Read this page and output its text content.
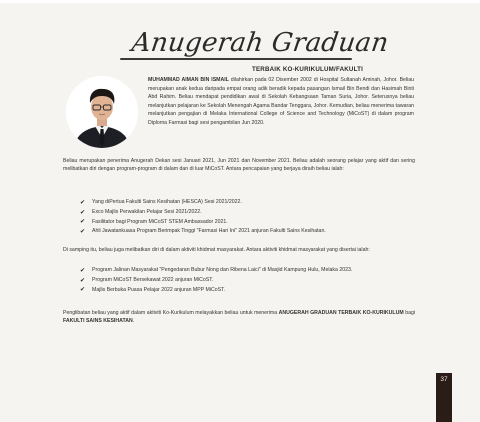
Anugerah Graduan
TERBAIK KO-KURIKULUM/FAKULTI
MUHAMMAD AIMAN BIN ISMAIL dilahirkan pada 02 Disember 2002 di Hospital Sultanah Aminah, Johor. Beliau merupakan anak kedua daripada empat orang adik beradik kepada pasangan Ismail Bin Bendi dan Hasimah Binti Abd Rahim. Beliau mendapat pendidikan awal di Sekolah Kebangsaan Taman Suria, Johor. Seterusnya beliau melanjutkan pelajaran ke Sekolah Menengah Agama Bandar Tenggara, Johor. Kemudian, beliau menerima tawaran melanjutkan pengajian di Melaka International College of Science and Technology (MiCoST) di dalam program Diploma Farmasi bagi sesi pengambilan Jun 2020.
Beliau merupakan penerima Anugerah Dekan sesi Januari 2021, Jun 2021 dan November 2021. Beliau adalah seorang pelajar yang aktif dan sering melibatkan diri dengan program-program di dalam dan di luar MiCoST. Antara pencapaian yang berjaya diraih beliau ialah:
✔ Yang diPertua Fakulti Sains Kesihatan (HESCA) Sesi 2021/2022.
✔ Exco Majlis Perwakilan Pelajar Sesi 2021/2022.
✔ Fasilitator bagi Program MiCoST STEM Ambassador 2021.
✔ Ahli Jawatankuasa Program Berimpak Tinggi "Farmasi Hari Ini" 2021 anjuran Fakulti Sains Kesihatan.
Di samping itu, beliau juga melibatkan diri di dalam aktiviti khidmat masyarakat. Antara aktiviti khidmat masyarakat yang disertai ialah:
✔ Program Jalinan Masyarakat "Pengedaran Bubur Nong dan Ribena Laici" di Masjid Kampung Hulu, Melaka 2023.
✔ Program MiCoST Bersekawat 2022 anjuran MiCoST.
✔ Majlis Berbuka Puasa Pelajar 2022 anjuran MPP MiCoST.
Penglibatan beliau yang aktif dalam aktiviti Ko-Kurikulum melayakkan beliau untuk menerima ANUGERAH GRADUAN TERBAIK KO-KURIKULUM bagi FAKULTI SAINS KESIHATAN.
37
